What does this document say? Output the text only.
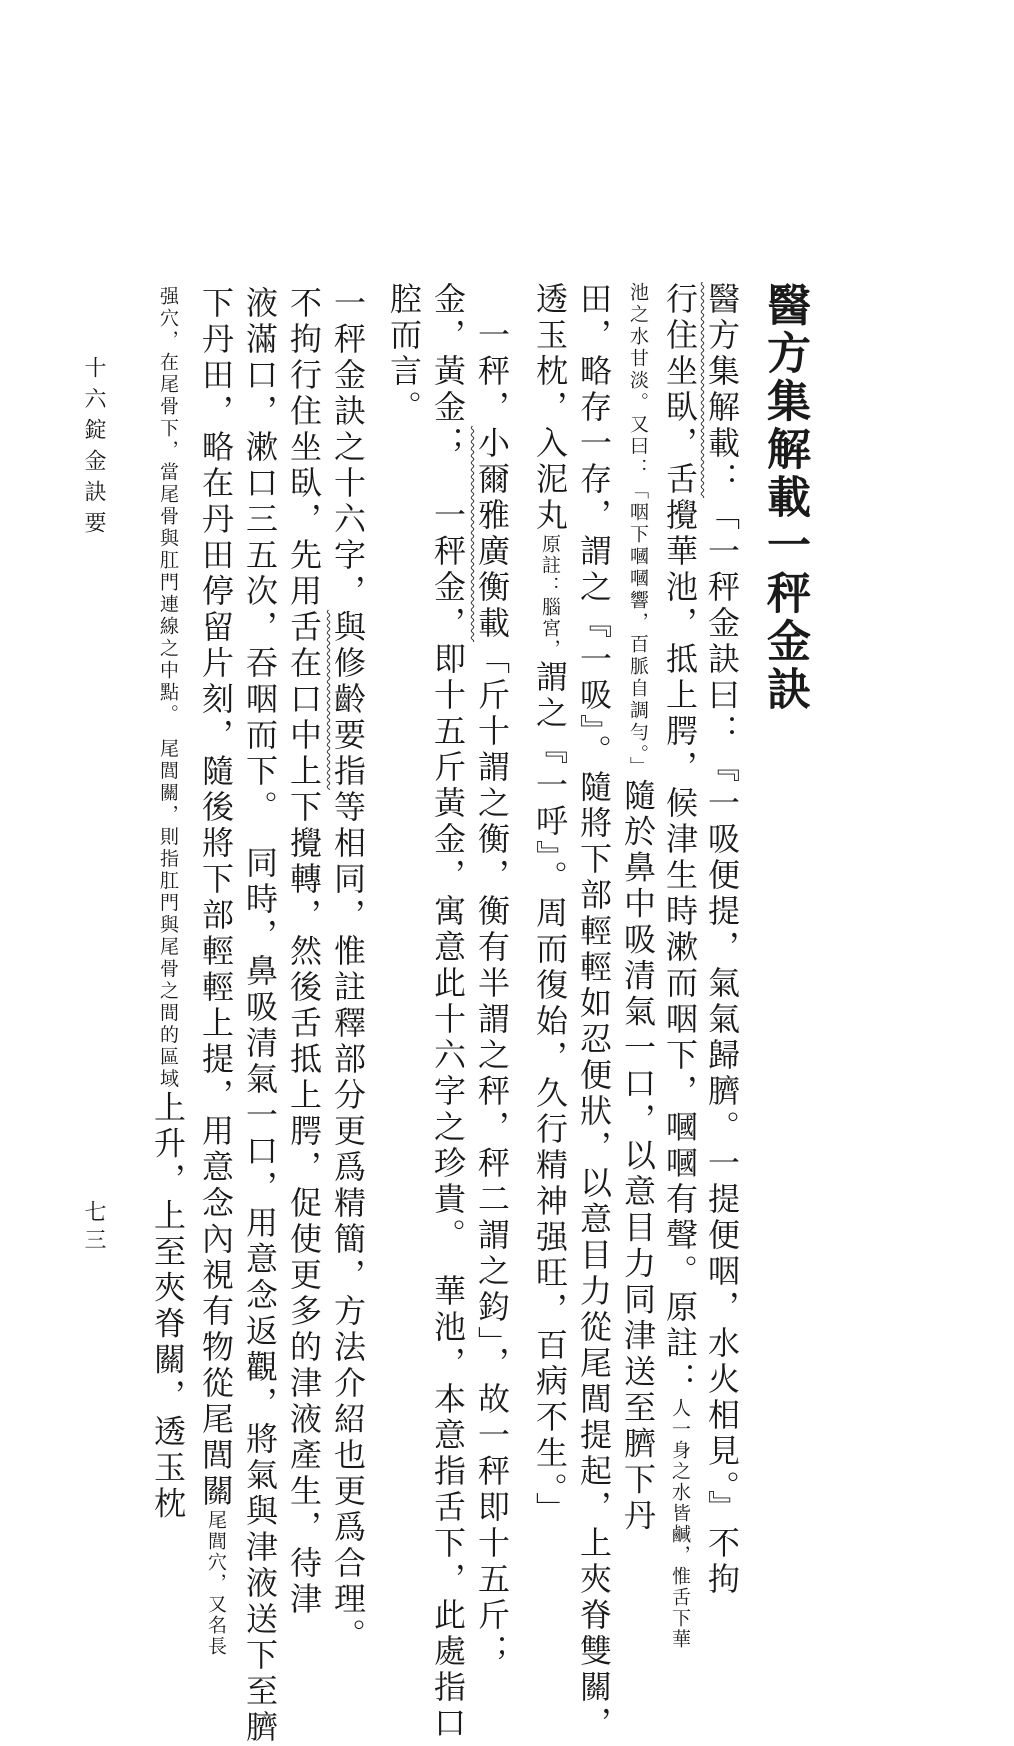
醫方集解載一秤金訣
醫方集解載：「一秤金訣曰：『一吸便提，氣氣歸臍。一提便咽，水火相見。』不拘
行住坐臥，舌攪華池，抵上腭，候津生時漱而咽下，嘓嘓有聲。原註：人一身之水皆鹹，惟舌下華
池之水甘淡。又曰：「咽下嘓嘓響，百脈自調勻。」隨於鼻中吸清氣一口，以意目力同津送至臍下丹
田，略存一存，謂之『一吸』。隨將下部輕輕如忍便狀，以意目力從尾閭提起，上夾脊雙關，
透玉枕，入泥丸原註：腦宮，謂之『一呼』。周而復始，久行精神强旺，百病不生。」
一秤，小爾雅廣衡載「斤十謂之衡，衡有半謂之秤，秤二謂之鈞」，故一秤即十五斤；
金，黃金；　一秤金，即十五斤黃金，寓意此十六字之珍貴。　華池，本意指舌下，此處指口
腔而言。
一秤金訣之十六字，與修齡要指等相同，惟註釋部分更爲精簡，方法介紹也更爲合理。
不拘行住坐臥，先用舌在口中上下攪轉，然後舌抵上腭，促使更多的津液產生，待津
液滿口，漱口三五次，吞咽而下。　同時，鼻吸清氣一口，用意念返觀，將氣與津液送下至臍
下丹田，略在丹田停留片刻，隨後將下部輕輕上提，用意念內視有物從尾閭關尾閭穴，又名長
强穴，在尾骨下，當尾骨與肛門連線之中點。　尾閭關，則指肛門與尾骨之間的區域上升，上至夾脊關，透玉枕
十六錠金訣要
七三
